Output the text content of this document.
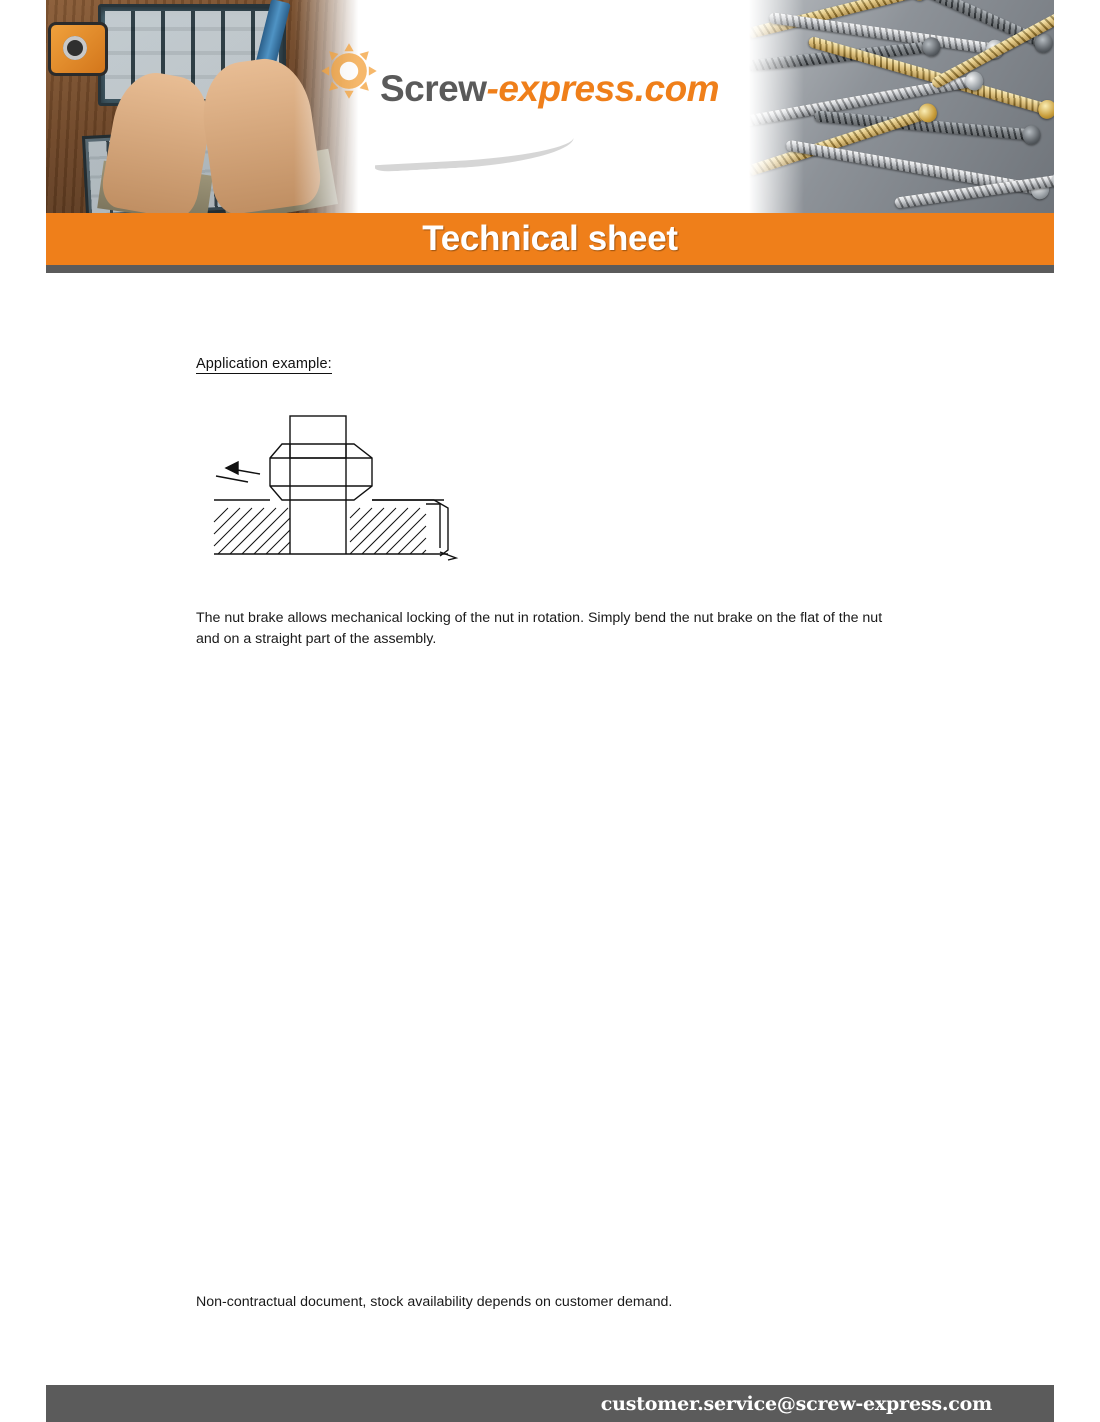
Screw-express.com
Technical sheet
Application example:
The nut brake allows mechanical locking of the nut in rotation. Simply bend the nut brake on the flat of the nut and on a straight part of the assembly.
Non-contractual document, stock availability depends on customer demand.
customer.service@screw-express.com
